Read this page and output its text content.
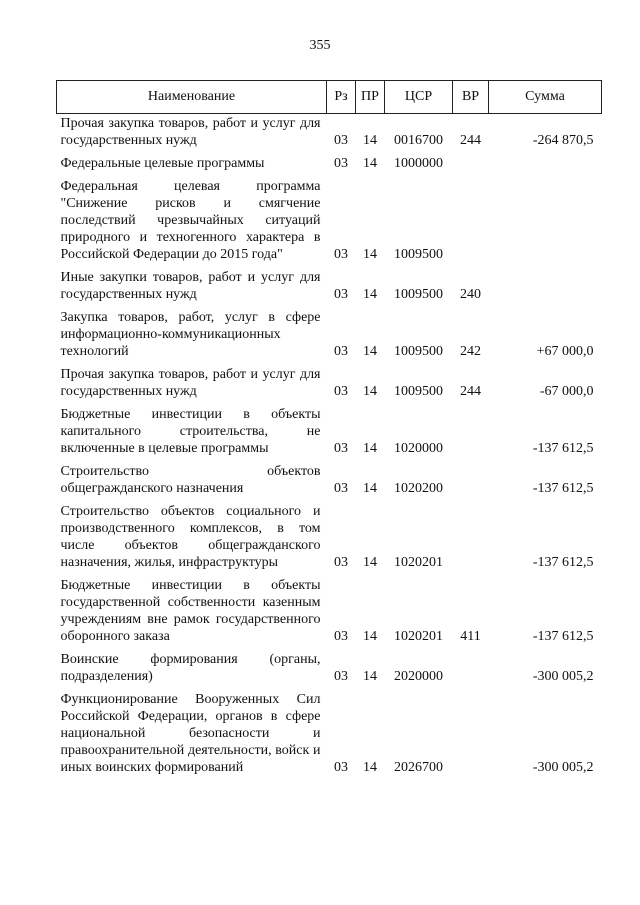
355
Наименование	Рз	ПР	ЦСР	ВР	Сумма
Прочая закупка товаров, работ и услуг для государственных нужд	03	14	0016700	244	-264 870,5
Федеральные целевые программы	03	14	1000000		
Федеральная целевая программа "Снижение рисков и смягчение последствий чрезвычайных ситуаций природного и техногенного характера в Российской Федерации до 2015 года"	03	14	1009500		
Иные закупки товаров, работ и услуг для государственных нужд	03	14	1009500	240	
Закупка товаров, работ, услуг в сфере информационно-коммуникационных технологий	03	14	1009500	242	+67 000,0
Прочая закупка товаров, работ и услуг для государственных нужд	03	14	1009500	244	-67 000,0
Бюджетные инвестиции в объекты капитального строительства, не включенные в целевые программы	03	14	1020000		-137 612,5
Строительство объектов общегражданского назначения	03	14	1020200		-137 612,5
Строительство объектов социального и производственного комплексов, в том числе объектов общегражданского назначения, жилья, инфраструктуры	03	14	1020201		-137 612,5
Бюджетные инвестиции в объекты государственной собственности казенным учреждениям вне рамок государственного оборонного заказа	03	14	1020201	411	-137 612,5
Воинские формирования (органы, подразделения)	03	14	2020000		-300 005,2
Функционирование Вооруженных Сил Российской Федерации, органов в сфере национальной безопасности и правоохранительной деятельности, войск и иных воинских формирований	03	14	2026700		-300 005,2
